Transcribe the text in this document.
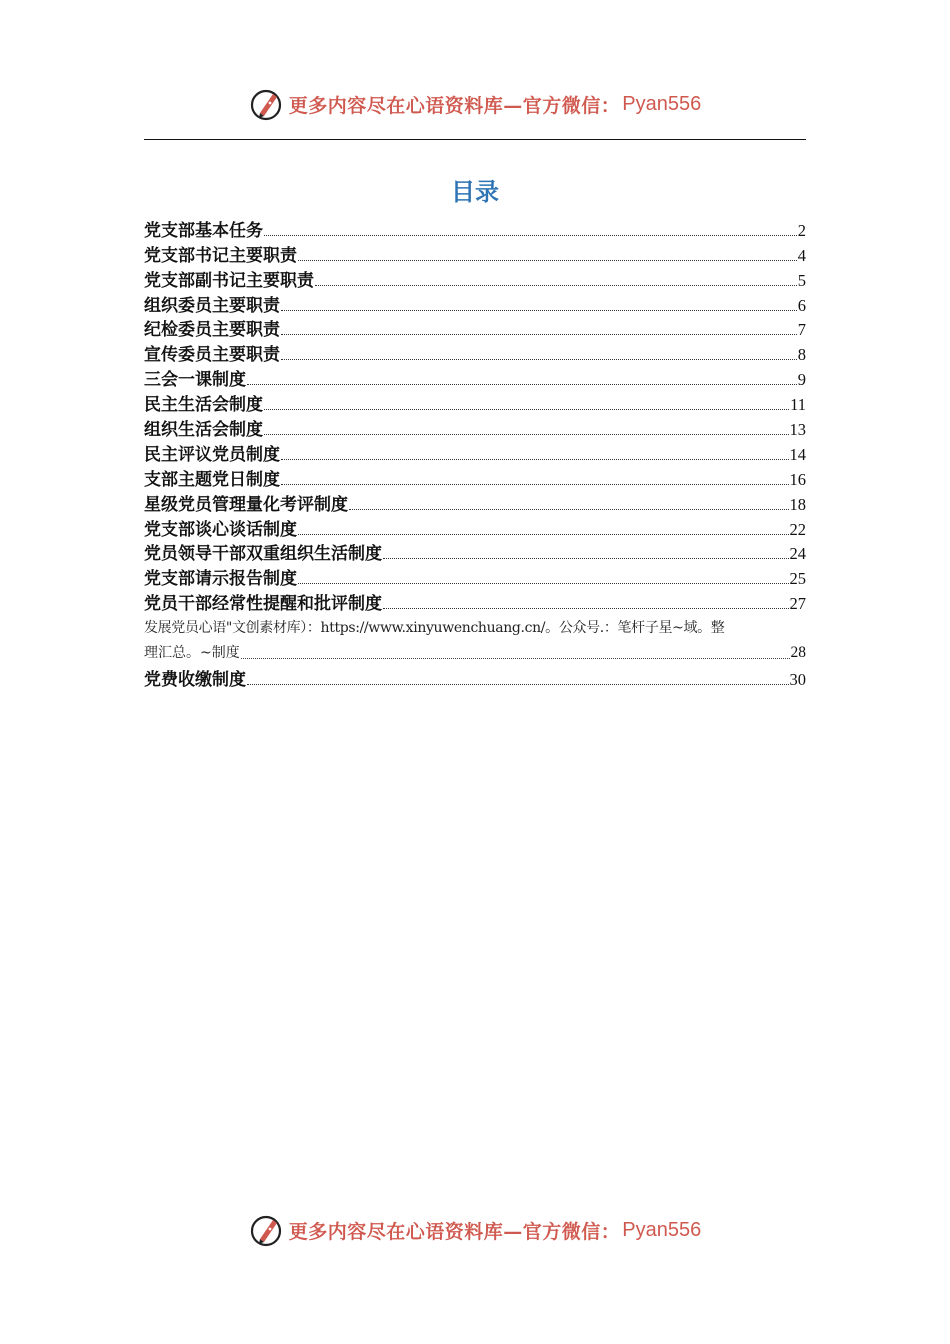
更多内容尽在心语资料库—官方微信： Pyan556
目录
党支部基本任务	2
党支部书记主要职责	4
党支部副书记主要职责	5
组织委员主要职责	6
纪检委员主要职责	7
宣传委员主要职责	8
三会一课制度	9
民主生活会制度	11
组织生活会制度	13
民主评议党员制度	14
支部主题党日制度	16
星级党员管理量化考评制度	18
党支部谈心谈话制度	22
党员领导干部双重组织生活制度	24
党支部请示报告制度	25
党员干部经常性提醒和批评制度	27
发展党员心语"文创素材库）：https://www.xinyuwenchuang.cn/。公众号.：笔杆子星~域。整
理汇总。~制度	28
党费收缴制度	30
更多内容尽在心语资料库—官方微信： Pyan556
